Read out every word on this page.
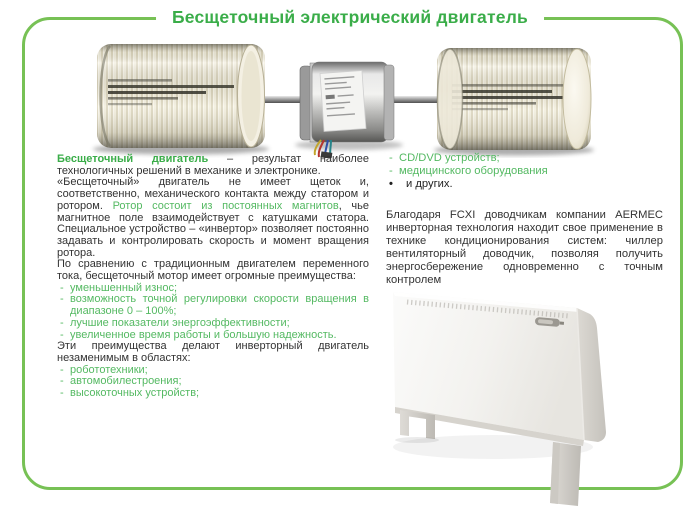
Бесщеточный электрический двигатель

Бесщеточный двигатель – результат наиболее технологичных решений в механике и электронике.

«Бесщеточный» двигатель не имеет щеток и, соответственно, механического контакта между статором и ротором. Ротор состоит из постоянных магнитов, чье магнитное поле взаимодействует с катушками статора. Специальное устройство – «инвертор» позволяет постоянно задавать и контролировать скорость и момент вращения ротора.

По сравнению с традиционным двигателем переменного тока, бесщеточный мотор имеет огромные преимущества:

- уменьшенный износ;
- возможность точной регулировки скорости вращения в диапазоне 0 – 100%;
- лучшие показатели энергоэффективности;
- увеличенное время работы и большую надежность.

Эти преимущества делают инверторный двигатель незаменимым в областях:

- робототехники;
- автомобилестроения;
- высокоточных устройств;
- CD/DVD устройств;
- медицинского оборудования
•	и других.

Благодаря FCXI доводчикам компании AERMEC инверторная технология находит свое применение в технике кондиционирования систем: чиллер вентиляторный доводчик, позволяя получить энергосбережение одновременно с точным контролем
